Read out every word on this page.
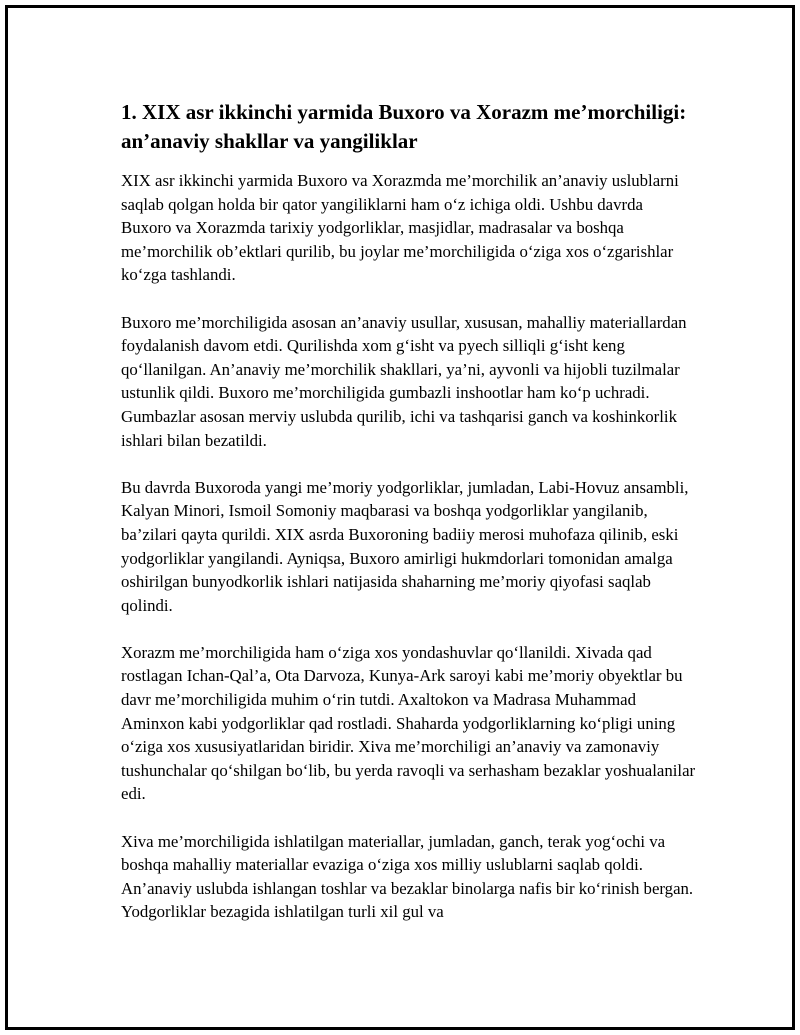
1. XIX asr ikkinchi yarmida Buxoro va Xorazm me’morchiligi: an’anaviy shakllar va yangiliklar

XIX asr ikkinchi yarmida Buxoro va Xorazmda me’morchilik an’anaviy uslublarni saqlab qolgan holda bir qator yangiliklarni ham o‘z ichiga oldi. Ushbu davrda Buxoro va Xorazmda tarixiy yodgorliklar, masjidlar, madrasalar va boshqa me’morchilik ob’ektlari qurilib, bu joylar me’morchiligida o‘ziga xos o‘zgarishlar ko‘zga tashlandi.

Buxoro me’morchiligida asosan an’anaviy usullar, xususan, mahalliy materiallardan foydalanish davom etdi. Qurilishda xom g‘isht va pyech silliqli g‘isht keng qo‘llanilgan. An’anaviy me’morchilik shakllari, ya’ni, ayvonli va hijobli tuzilmalar ustunlik qildi. Buxoro me’morchiligida gumbazli inshootlar ham ko‘p uchradi. Gumbazlar asosan merviy uslubda qurilib, ichi va tashqarisi ganch va koshinkorlik ishlari bilan bezatildi.

Bu davrda Buxoroda yangi me’moriy yodgorliklar, jumladan, Labi-Hovuz ansambli, Kalyan Minori, Ismoil Somoniy maqbarasi va boshqa yodgorliklar yangilanib, ba’zilari qayta qurildi. XIX asrda Buxoroning badiiy merosi muhofaza qilinib, eski yodgorliklar yangilandi. Ayniqsa, Buxoro amirligi hukmdorlari tomonidan amalga oshirilgan bunyodkorlik ishlari natijasida shaharning me’moriy qiyofasi saqlab qolindi.

Xorazm me’morchiligida ham o‘ziga xos yondashuvlar qo‘llanildi. Xivada qad rostlagan Ichan-Qal’a, Ota Darvoza, Kunya-Ark saroyi kabi me’moriy obyektlar bu davr me’morchiligida muhim o‘rin tutdi. Axaltokon va Madrasa Muhammad Aminxon kabi yodgorliklar qad rostladi. Shaharda yodgorliklarning ko‘pligi uning o‘ziga xos xususiyatlaridan biridir. Xiva me’morchiligi an’anaviy va zamonaviy tushunchalar qo‘shilgan bo‘lib, bu yerda ravoqli va serhasham bezaklar yoshualanilar edi.

Xiva me’morchiligida ishlatilgan materiallar, jumladan, ganch, terak yog‘ochi va boshqa mahalliy materiallar evaziga o‘ziga xos milliy uslublarni saqlab qoldi. An’anaviy uslubda ishlangan toshlar va bezaklar binolarga nafis bir ko‘rinish bergan. Yodgorliklar bezagida ishlatilgan turli xil gul va
